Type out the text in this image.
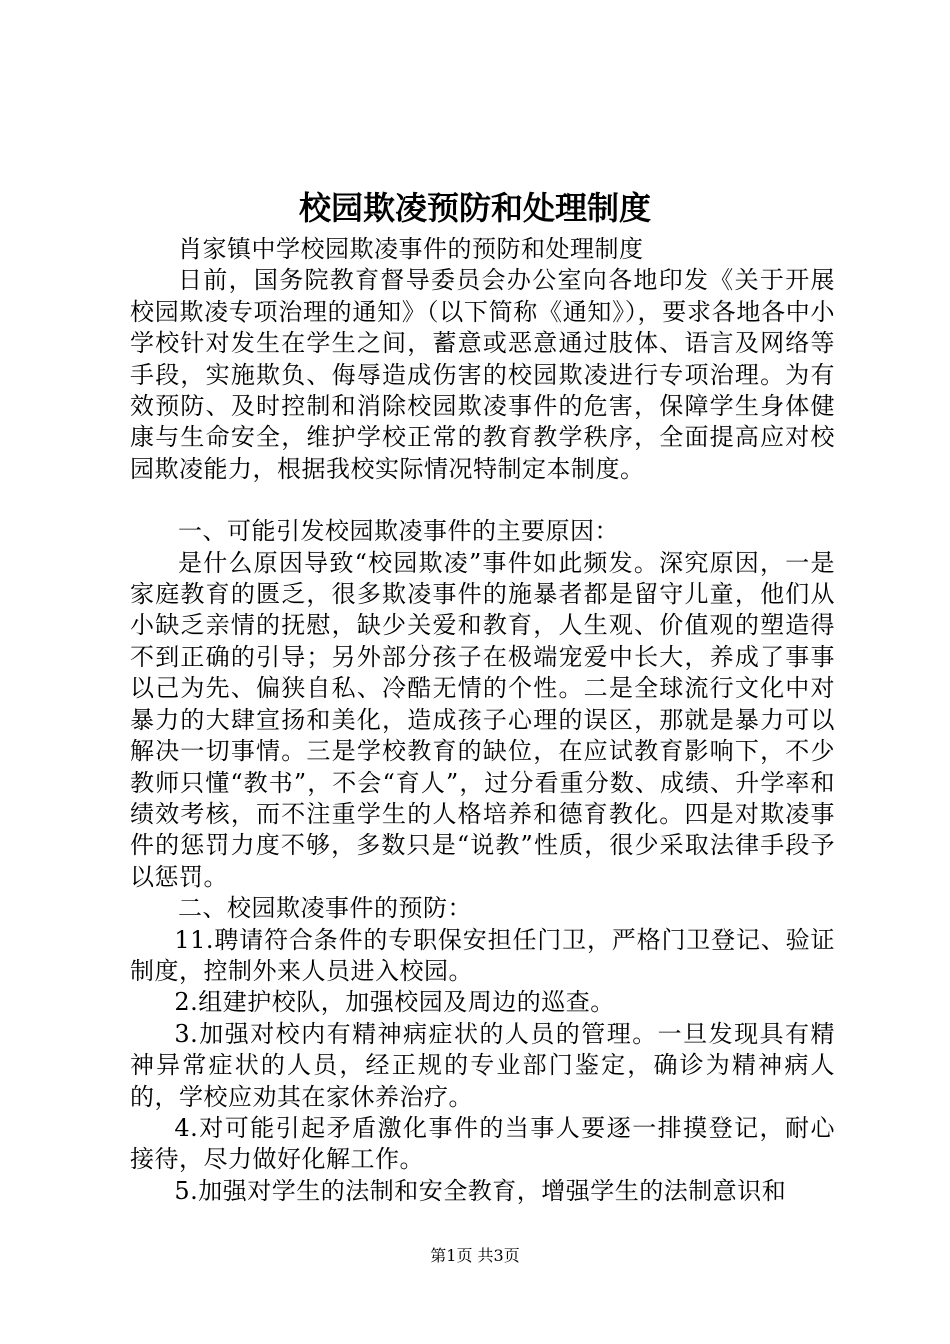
校园欺凌预防和处理制度

肖家镇中学校园欺凌事件的预防和处理制度

日前，国务院教育督导委员会办公室向各地印发《关于开展校园欺凌专项治理的通知》（以下简称《通知》），要求各地各中小学校针对发生在学生之间，蓄意或恶意通过肢体、语言及网络等手段，实施欺负、侮辱造成伤害的校园欺凌进行专项治理。为有效预防、及时控制和消除校园欺凌事件的危害，保障学生身体健康与生命安全，维护学校正常的教育教学秩序，全面提高应对校园欺凌能力，根据我校实际情况特制定本制度。

一、可能引发校园欺凌事件的主要原因：

是什么原因导致“校园欺凌”事件如此频发。深究原因，一是家庭教育的匮乏，很多欺凌事件的施暴者都是留守儿童，他们从小缺乏亲情的抚慰，缺少关爱和教育，人生观、价值观的塑造得不到正确的引导；另外部分孩子在极端宠爱中长大，养成了事事以己为先、偏狭自私、冷酷无情的个性。二是全球流行文化中对暴力的大肆宣扬和美化，造成孩子心理的误区，那就是暴力可以解决一切事情。三是学校教育的缺位，在应试教育影响下，不少教师只懂“教书”，不会“育人”，过分看重分数、成绩、升学率和绩效考核，而不注重学生的人格培养和德育教化。四是对欺凌事件的惩罚力度不够，多数只是“说教”性质，很少采取法律手段予以惩罚。

二、校园欺凌事件的预防：

11.聘请符合条件的专职保安担任门卫，严格门卫登记、验证制度，控制外来人员进入校园。

2.组建护校队，加强校园及周边的巡查。

3.加强对校内有精神病症状的人员的管理。一旦发现具有精神异常症状的人员，经正规的专业部门鉴定，确诊为精神病人的，学校应劝其在家休养治疗。

4.对可能引起矛盾激化事件的当事人要逐一排摸登记，耐心接待，尽力做好化解工作。

5.加强对学生的法制和安全教育，增强学生的法制意识和

第1页 共3页
